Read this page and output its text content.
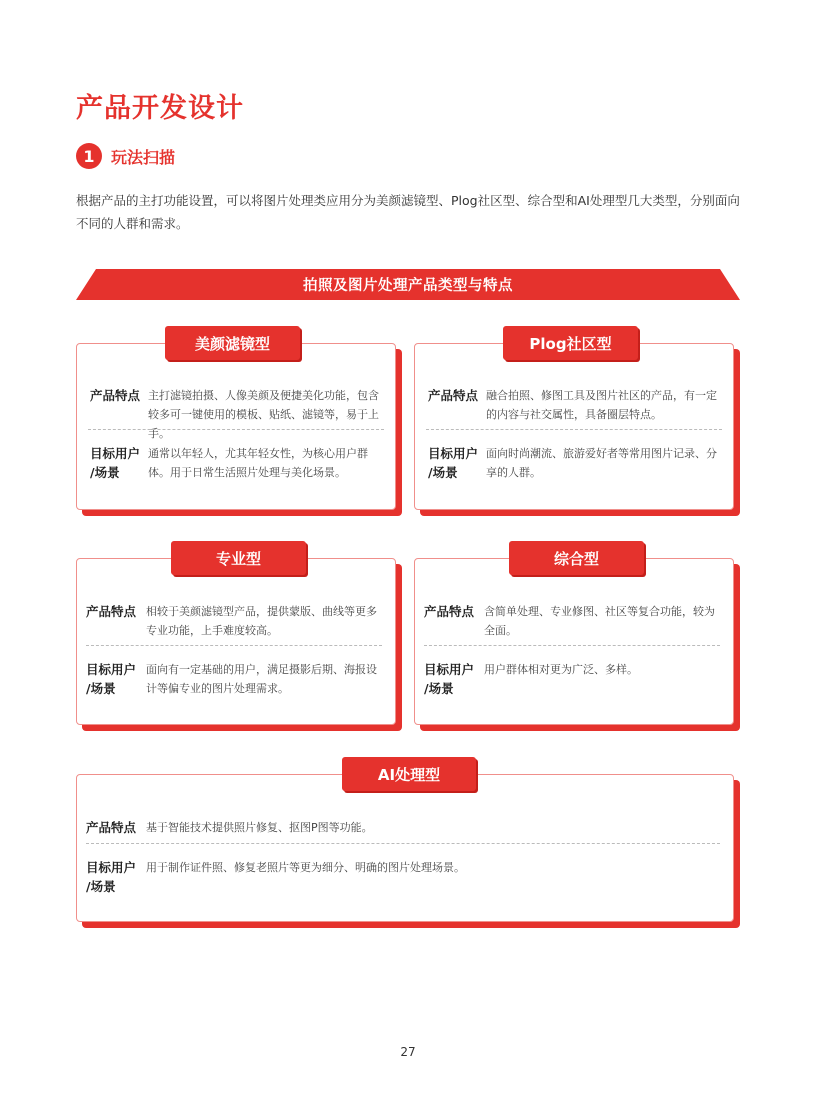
产品开发设计
1	玩法扫描
根据产品的主打功能设置，可以将图片处理类应用分为美颜滤镜型、Plog社区型、综合型和AI处理型几大类型，分别面向不同的人群和需求。
拍照及图片处理产品类型与特点
美颜滤镜型
产品特点 主打滤镜拍摄、人像美颜及便捷美化功能，包含较多可一键使用的模板、贴纸、滤镜等，易于上手。
目标用户
/场景
通常以年轻人，尤其年轻女性，为核心用户群体。用于日常生活照片处理与美化场景。
Plog社区型
产品特点 融合拍照、修图工具及图片社区的产品，有一定的内容与社交属性，具备圈层特点。
目标用户
/场景
面向时尚潮流、旅游爱好者等常用图片记录、分享的人群。
专业型
产品特点 相较于美颜滤镜型产品，提供蒙版、曲线等更多专业功能，上手难度较高。
目标用户
/场景
面向有一定基础的用户，满足摄影后期、海报设计等偏专业的图片处理需求。
综合型
产品特点 含简单处理、专业修图、社区等复合功能，较为全面。
目标用户
/场景
用户群体相对更为广泛、多样。
AI处理型
产品特点 基于智能技术提供照片修复、抠图P图等功能。
目标用户
/场景
用于制作证件照、修复老照片等更为细分、明确的图片处理场景。
27
